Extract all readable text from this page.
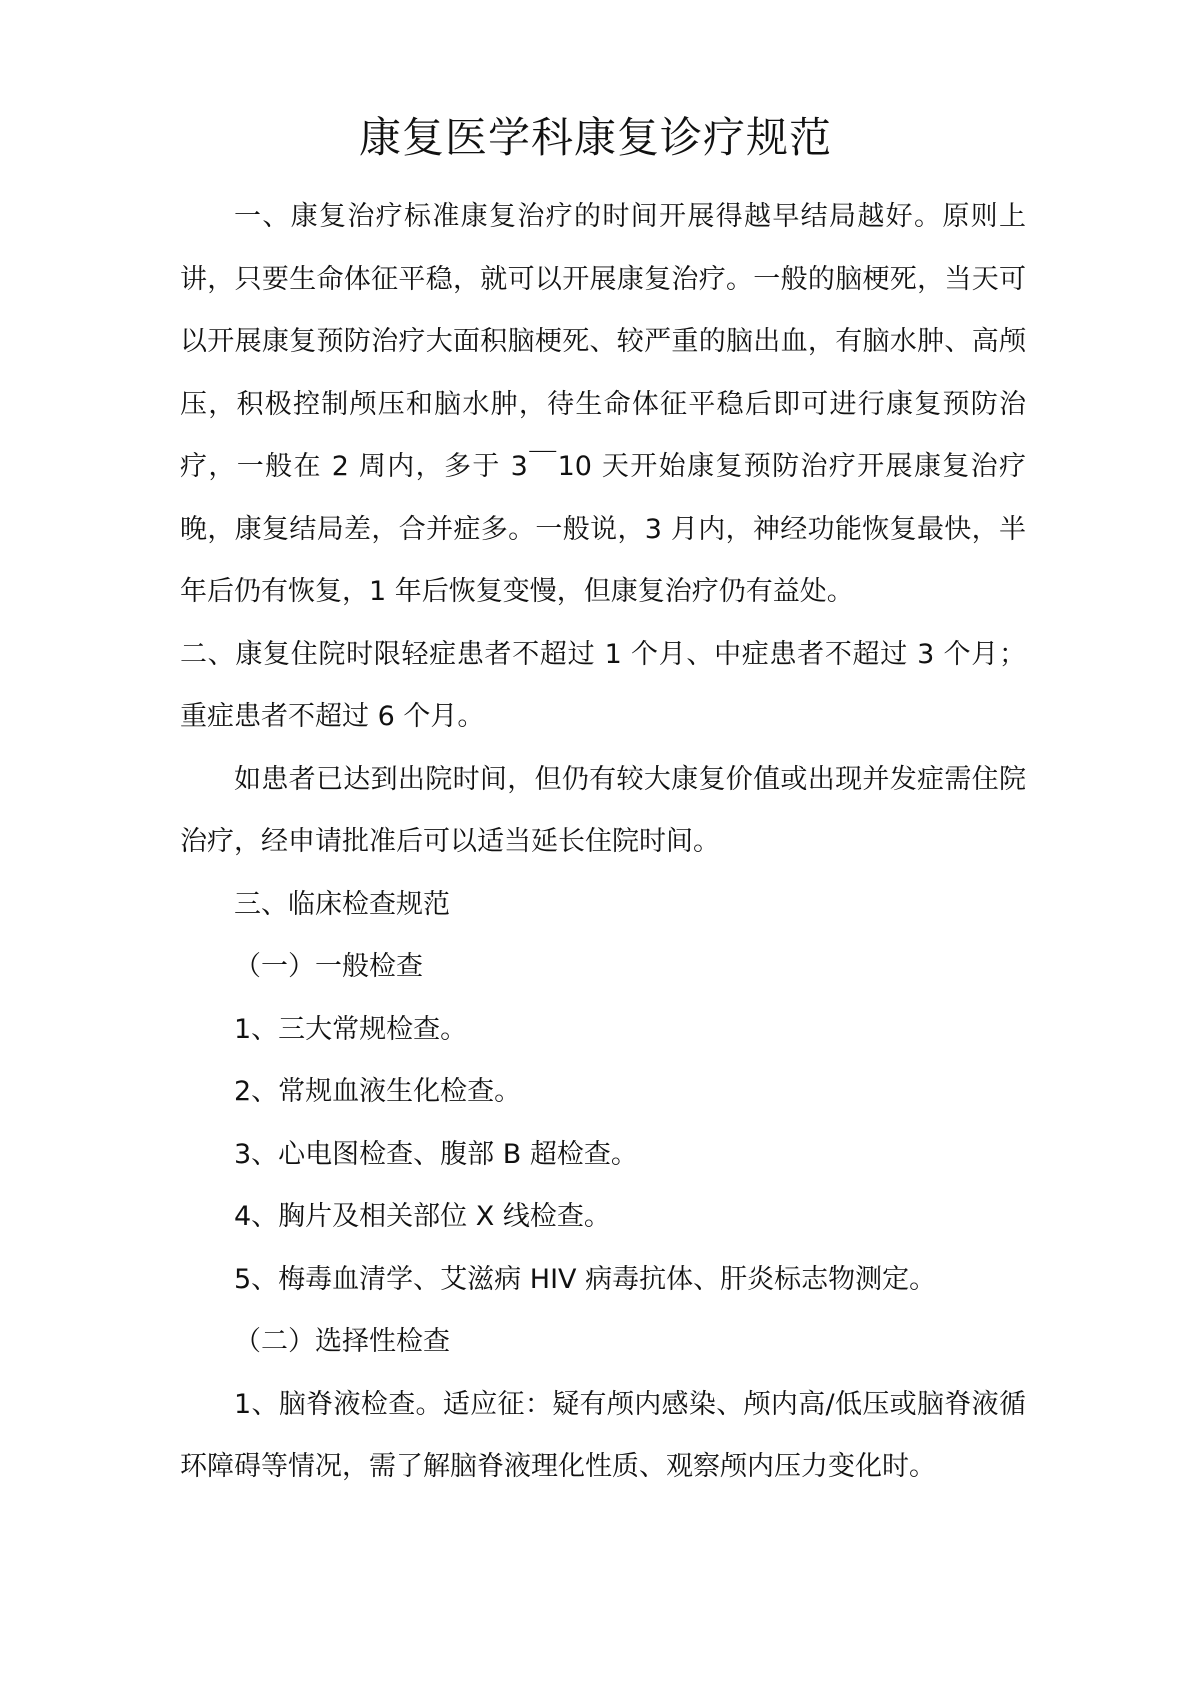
康复医学科康复诊疗规范

一、康复治疗标准康复治疗的时间开展得越早结局越好。原则上讲，只要生命体征平稳，就可以开展康复治疗。一般的脑梗死，当天可以开展康复预防治疗大面积脑梗死、较严重的脑出血，有脑水肿、高颅压，积极控制颅压和脑水肿，待生命体征平稳后即可进行康复预防治疗，一般在 2 周内，多于 3￣10 天开始康复预防治疗开展康复治疗晚，康复结局差，合并症多。一般说，3 月内，神经功能恢复最快，半年后仍有恢复，1 年后恢复变慢，但康复治疗仍有益处。

二、康复住院时限轻症患者不超过 1 个月、中症患者不超过 3 个月；重症患者不超过 6 个月。

如患者已达到出院时间，但仍有较大康复价值或出现并发症需住院治疗，经申请批准后可以适当延长住院时间。

三、临床检查规范

（一）一般检查

1、三大常规检查。

2、常规血液生化检查。

3、心电图检查、腹部 B 超检查。

4、胸片及相关部位 X 线检查。

5、梅毒血清学、艾滋病 HIV 病毒抗体、肝炎标志物测定。

（二）选择性检查

1、脑脊液检查。适应征：疑有颅内感染、颅内高/低压或脑脊液循环障碍等情况，需了解脑脊液理化性质、观察颅内压力变化时。
